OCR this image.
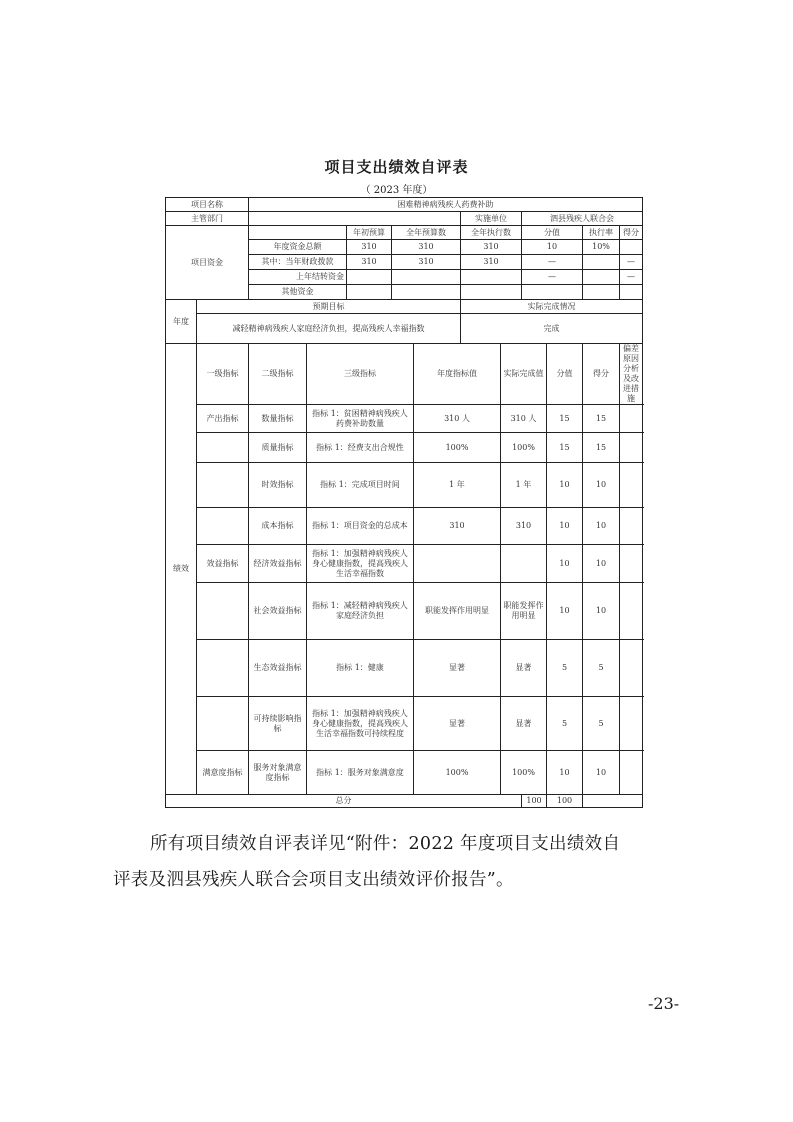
项目支出绩效自评表
（ 2023 年度）
项目名称		困难精神病残疾人药费补助										
主管部门							实施单位		泗县残疾人联合会			
项目资金				年初预算	全年预算数		全年执行数		分值		执行率	得分
		年度资金总额		310	310		310		10		10%	
		其中：当年财政拨款		310	310		310		—			—
		上年结转资金							—			—
		其他资金										
年度	预期目标						实际完成情况					
	减轻精神病残疾人家庭经济负担，提高残疾人幸福指数						完成					
绩效	一级指标	二级指标	三级指标			年度指标值		实际完成值		分值	得分	偏差原因分析及改进措施
	产出指标	数量指标	指标 1：贫困精神病残疾人药费补助数量			310 人		310 人		15	15	
		质量指标	指标 1：经费支出合规性			100%		100%		15	15	
		时效指标	指标 1：完成项目时间			1 年		1 年		10	10	
		成本指标	指标 1：项目资金的总成本			310		310		10	10	
	效益指标	经济效益指标	指标 1：加强精神病残疾人身心健康指数，提高残疾人生活幸福指数							10	10	
		社会效益指标	指标 1：减轻精神病残疾人家庭经济负担			职能发挥作用明显		职能发挥作用明显		10	10	
		生态效益指标	指标 1：健康			显著		显著		5	5	
		可持续影响指标	指标 1：加强精神病残疾人身心健康指数，提高残疾人生活幸福指数可持续程度			显著		显著		5	5	
	满意度指标	服务对象满意度指标	指标 1：服务对象满意度			100%		100%		10	10	
总分									100	100		
所有项目绩效自评表详见“附件：2022 年度项目支出绩效自
评表及泗县残疾人联合会项目支出绩效评价报告”。
-23-
